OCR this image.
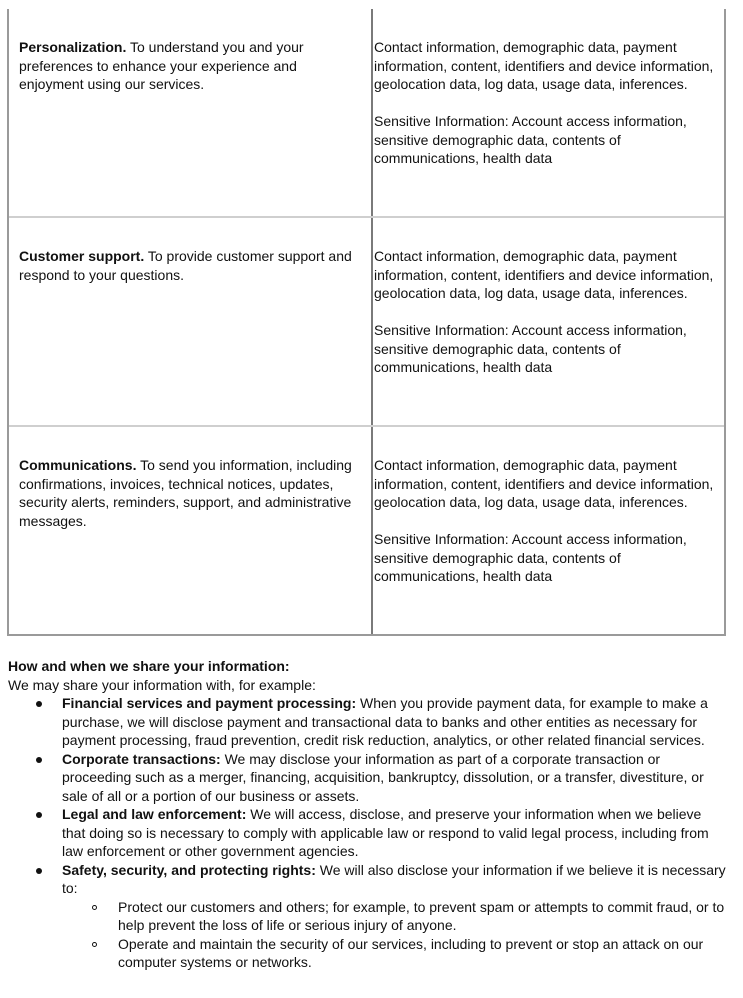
Personalization. To understand you and your preferences to enhance your experience and enjoyment using our services.

Contact information, demographic data, payment information, content, identifiers and device information, geolocation data, log data, usage data, inferences.

Sensitive Information: Account access information, sensitive demographic data, contents of communications, health data

Customer support. To provide customer support and respond to your questions.

Contact information, demographic data, payment information, content, identifiers and device information, geolocation data, log data, usage data, inferences.

Sensitive Information: Account access information, sensitive demographic data, contents of communications, health data

Communications. To send you information, including confirmations, invoices, technical notices, updates, security alerts, reminders, support, and administrative messages.

Contact information, demographic data, payment information, content, identifiers and device information, geolocation data, log data, usage data, inferences.

Sensitive Information: Account access information, sensitive demographic data, contents of communications, health data

How and when we share your information:

We may share your information with, for example:

Financial services and payment processing: When you provide payment data, for example to make a purchase, we will disclose payment and transactional data to banks and other entities as necessary for payment processing, fraud prevention, credit risk reduction, analytics, or other related financial services.
Corporate transactions: We may disclose your information as part of a corporate transaction or proceeding such as a merger, financing, acquisition, bankruptcy, dissolution, or a transfer, divestiture, or sale of all or a portion of our business or assets.
Legal and law enforcement: We will access, disclose, and preserve your information when we believe that doing so is necessary to comply with applicable law or respond to valid legal process, including from law enforcement or other government agencies.
Safety, security, and protecting rights: We will also disclose your information if we believe it is necessary to:
Protect our customers and others; for example, to prevent spam or attempts to commit fraud, or to help prevent the loss of life or serious injury of anyone.
Operate and maintain the security of our services, including to prevent or stop an attack on our computer systems or networks.
